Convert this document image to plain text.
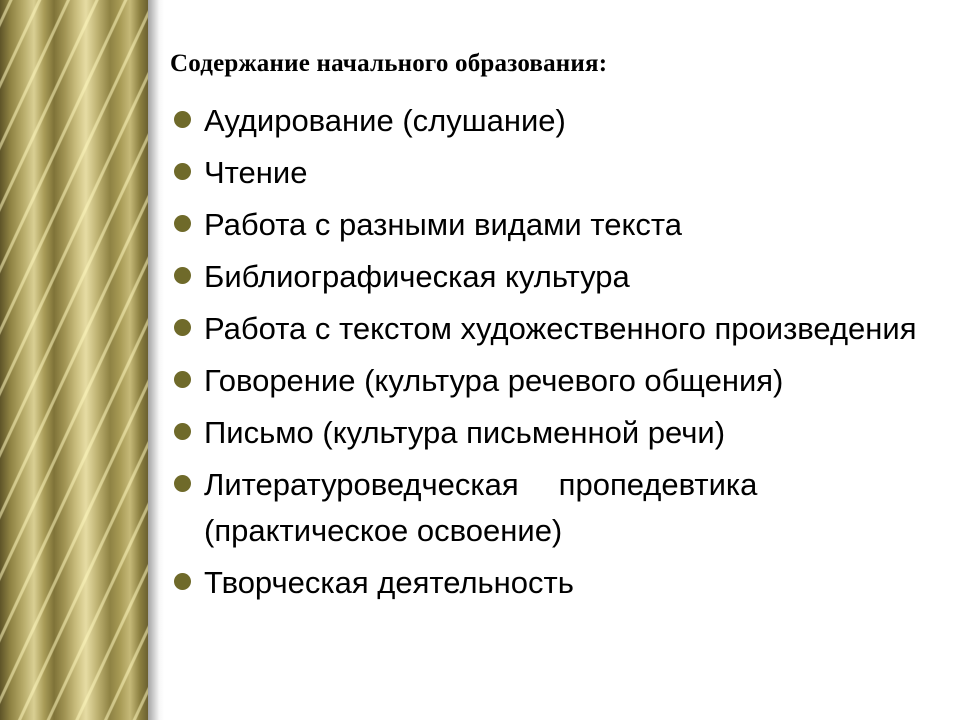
Содержание начального образования:
Аудирование (слушание)
Чтение
Работа с разными видами текста
Библиографическая культура
Работа с текстом художественного произведения
Говорение (культура речевого общения)
Письмо (культура письменной речи)
Литературоведческая пропедевтика (практическое освоение)
Творческая деятельность
